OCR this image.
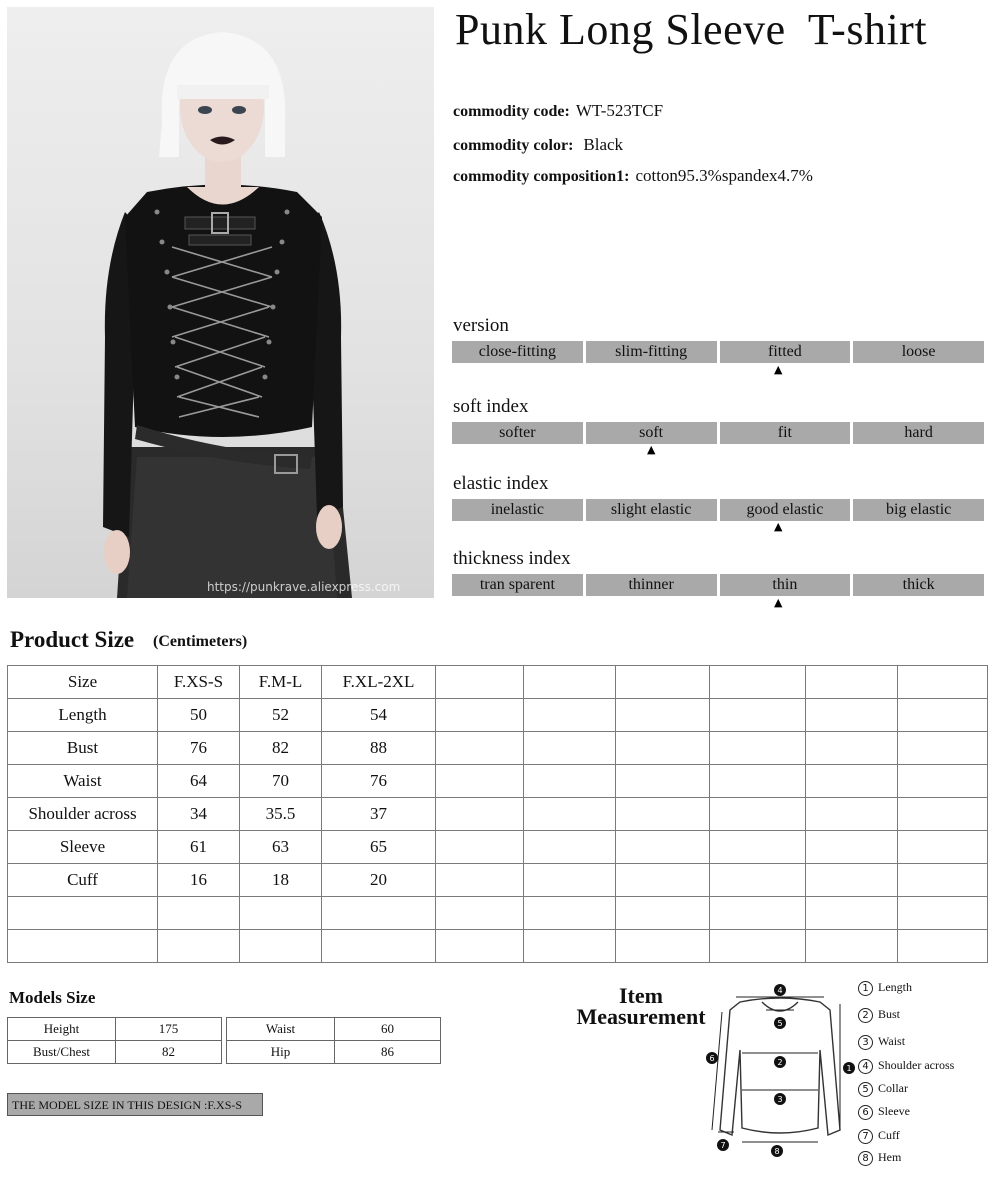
https://punkrave.aliexpress.com
Punk Long Sleeve  T-shirt
commodity code: WT-523TCF
commodity color: Black
commodity composition1: cotton95.3%spandex4.7%
version
close-fitting	slim-fitting	fitted	loose
▲
soft index
softer	soft	fit	hard
▲
elastic index
inelastic	slight elastic	good elastic	big elastic
▲
thickness index
tran sparent	thinner	thin	thick
▲
Product Size (Centimeters)
Size	F.XS-S	F.M-L	F.XL-2XL						
Length	50	52	54						
Bust	76	82	88						
Waist	64	70	76						
Shoulder across	34	35.5	37						
Sleeve	61	63	65						
Cuff	16	18	20						

Models Size
Height	175
Bust/Chest	82
Waist	60
Hip	86
THE MODEL SIZE IN THIS DESIGN :F.XS-S
Item
Measurement
4
5
2
3
1
6
7
8
1 Length
2 Bust
3 Waist
4 Shoulder across
5 Collar
6 Sleeve
7 Cuff
8 Hem
